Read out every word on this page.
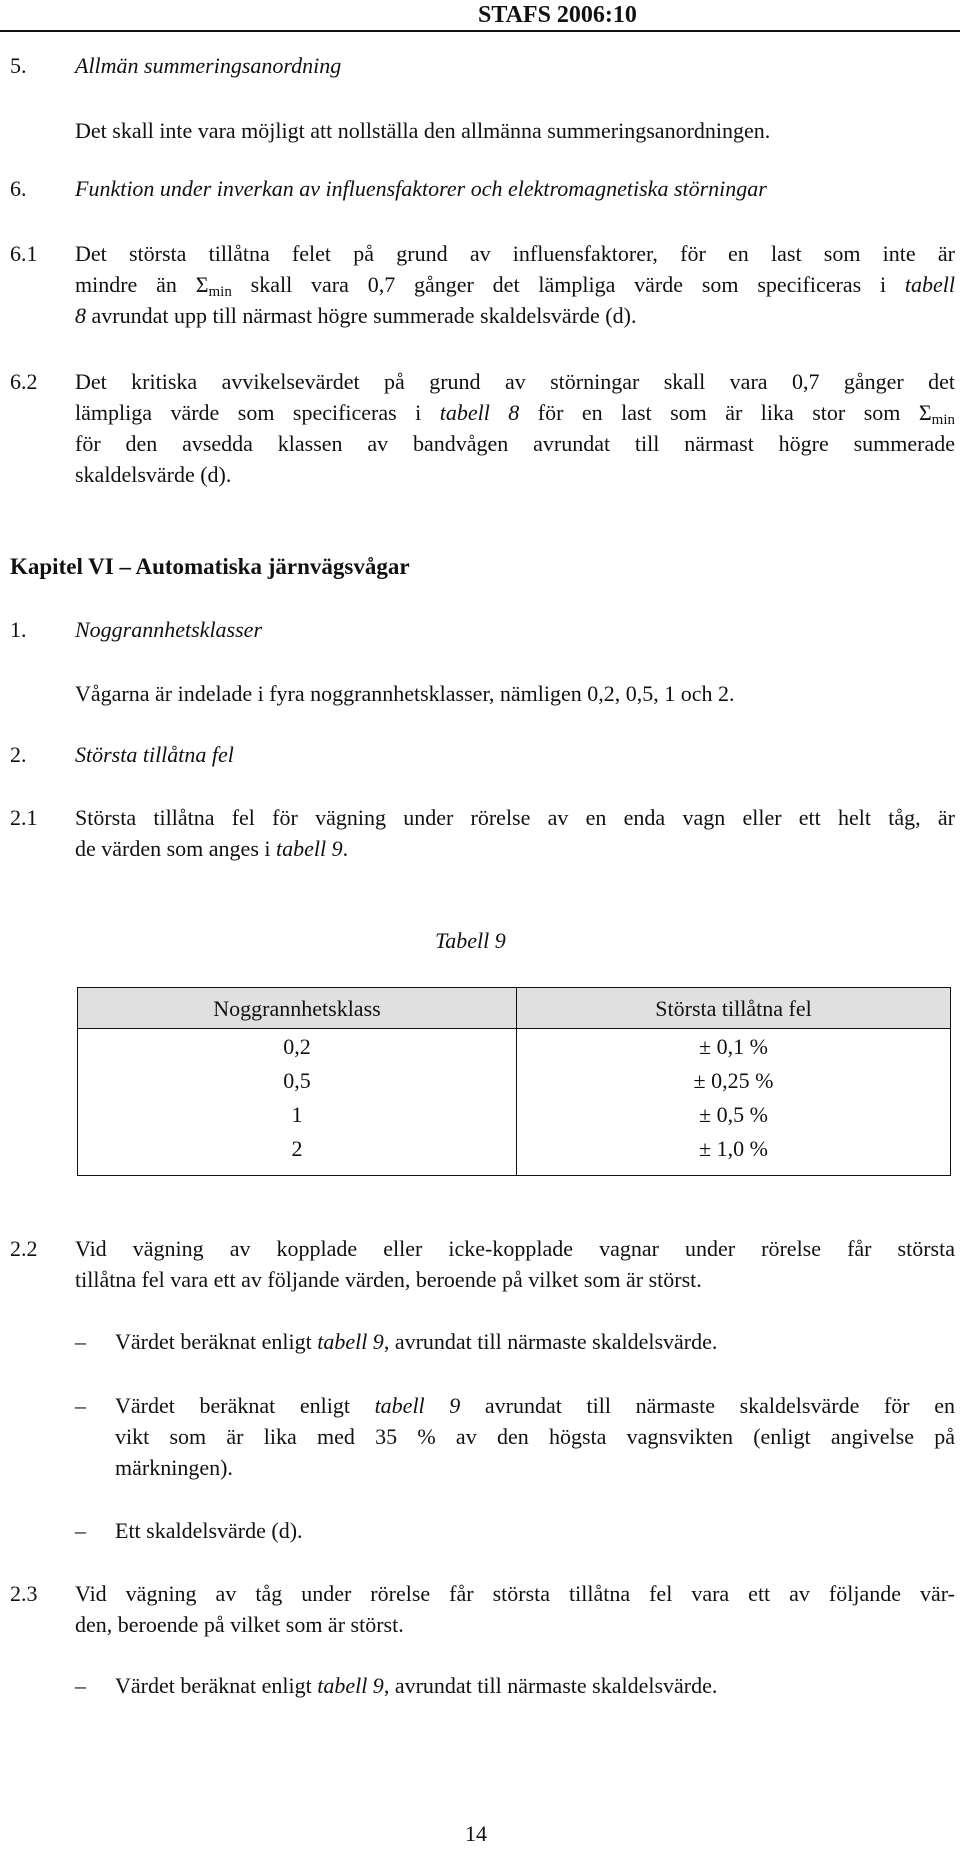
STAFS 2006:10
5. Allmän summeringsanordning
Det skall inte vara möjligt att nollställa den allmänna summeringsanordningen.
6. Funktion under inverkan av influensfaktorer och elektromagnetiska störningar
6.1 Det största tillåtna felet på grund av influensfaktorer, för en last som inte är
mindre än $\Sigma_{min}$ skall vara 0,7 gånger det lämpliga värde som specificeras i tabell
8 avrundat upp till närmast högre summerade skaldelsvärde (d).
6.2 Det kritiska avvikelsevärdet på grund av störningar skall vara 0,7 gånger det
lämpliga värde som specificeras i tabell 8 för en last som är lika stor som $\Sigma_{min}$
för den avsedda klassen av bandvågen avrundat till närmast högre summerade
skaldelsvärde (d).
Kapitel VI – Automatiska järnvägsvågar
1. Noggrannhetsklasser
Vågarna är indelade i fyra noggrannhetsklasser, nämligen 0,2, 0,5, 1 och 2.
2. Största tillåtna fel
2.1 Största tillåtna fel för vägning under rörelse av en enda vagn eller ett helt tåg, är
de värden som anges i tabell 9.
Tabell 9
Noggrannhetsklass	Största tillåtna fel
0,2	± 0,1 %
0,5	± 0,25 %
1	± 0,5 %
2	± 1,0 %
2.2 Vid vägning av kopplade eller icke-kopplade vagnar under rörelse får största
tillåtna fel vara ett av följande värden, beroende på vilket som är störst.
– Värdet beräknat enligt tabell 9, avrundat till närmaste skaldelsvärde.
– Värdet beräknat enligt tabell 9 avrundat till närmaste skaldelsvärde för en
vikt som är lika med 35 % av den högsta vagnsvikten (enligt angivelse på
märkningen).
– Ett skaldelsvärde (d).
2.3 Vid vägning av tåg under rörelse får största tillåtna fel vara ett av följande vär-
den, beroende på vilket som är störst.
– Värdet beräknat enligt tabell 9, avrundat till närmaste skaldelsvärde.
14
